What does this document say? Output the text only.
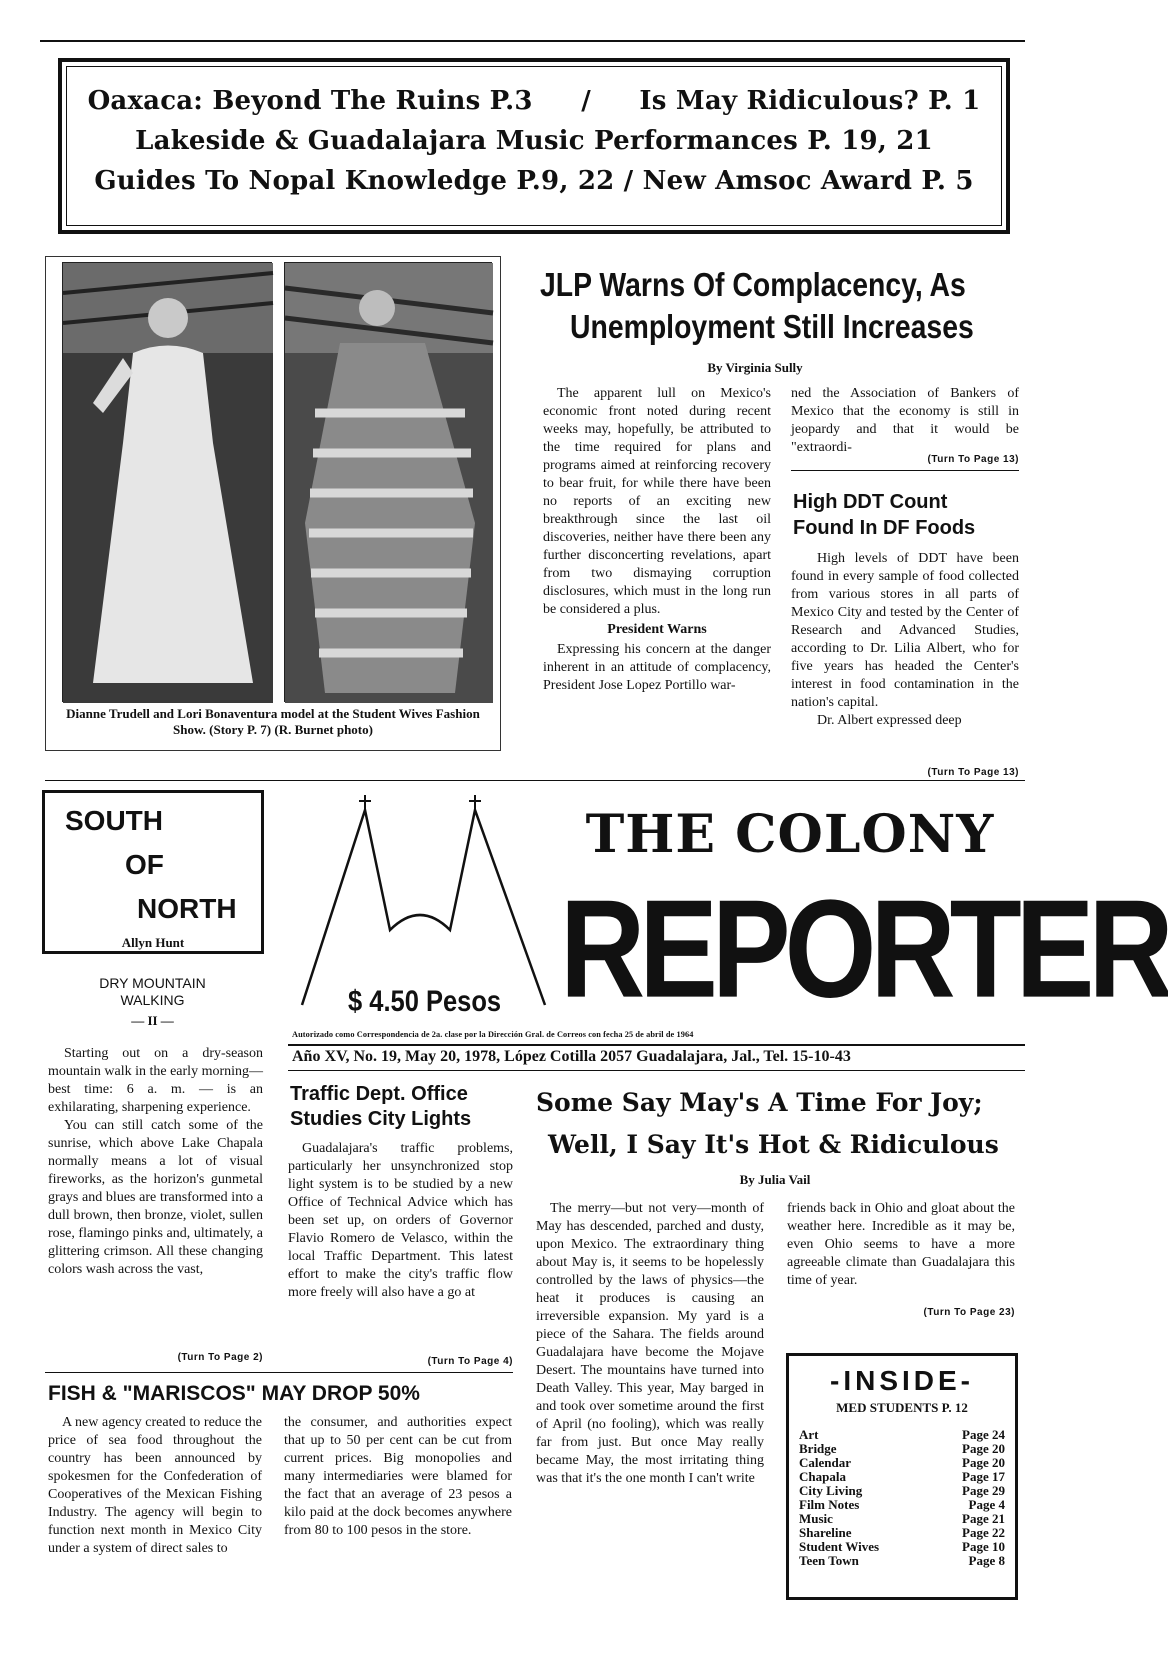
Oaxaca: Beyond The Ruins P.3 / Is May Ridiculous? P. 1
Lakeside & Guadalajara Music Performances P. 19, 21
Guides To Nopal Knowledge P.9, 22 / New Amsoc Award P. 5
Dianne Trudell and Lori Bonaventura model at the Student Wives Fashion Show. (Story P. 7) (R. Burnet photo)
JLP Warns Of Complacency, As
Unemployment Still Increases
By Virginia Sully

The apparent lull on Mexico's economic front noted during recent weeks may, hopefully, be attributed to the time required for plans and programs aimed at reinforcing recovery to bear fruit, for while there have been no reports of an exciting new breakthrough since the last oil discoveries, neither have there been any further disconcerting revelations, apart from two dismaying corruption disclosures, which must in the long run be considered a plus.

President Warns

Expressing his concern at the danger inherent in an attitude of complacency, President Jose Lopez Portillo war-

ned the Association of Bankers of Mexico that the economy is still in jeopardy and that it would be "extraordi-
(Turn To Page 13)
High DDT Count
Found In DF Foods

High levels of DDT have been found in every sample of food collected from various stores in all parts of Mexico City and tested by the Center of Research and Advanced Studies, according to Dr. Lilia Albert, who for five years has headed the Center's interest in food contamination in the nation's capital.

Dr. Albert expressed deep

(Turn To Page 13)
SOUTH
OF
NORTH
Allyn Hunt
DRY MOUNTAIN
WALKING
— II —

Starting out on a dry-season mountain walk in the early morning—best time: 6 a. m. — is an exhilarating, sharpening experience.

You can still catch some of the sunrise, which above Lake Chapala normally means a lot of visual fireworks, as the horizon's gunmetal grays and blues are transformed into a dull brown, then bronze, violet, sullen rose, flamingo pinks and, ultimately, a glittering crimson. All these changing colors wash across the vast,

(Turn To Page 2)
$ 4.50 Pesos
THE COLONY
REPORTER
Autorizado como Correspondencia de 2a. clase por la Dirección Gral. de Correos con fecha 25 de abril de 1964
Año XV, No. 19, May 20, 1978, López Cotilla 2057 Guadalajara, Jal., Tel. 15-10-43
Traffic Dept. Office
Studies City Lights
Guadalajara's traffic problems, particularly her unsynchronized stop light system is to be studied by a new Office of Technical Advice which has been set up, on orders of Governor Flavio Romero de Velasco, within the local Traffic Department. This latest effort to make the city's traffic flow more freely will also have a go at
(Turn To Page 4)
Some Say May's A Time For Joy;
Well, I Say It's Hot & Ridiculous
By Julia Vail
The merry—but not very—month of May has descended, parched and dusty, upon Mexico. The extraordinary thing about May is, it seems to be hopelessly controlled by the laws of physics—the heat it produces is causing an irreversible expansion. My yard is a piece of the Sahara. The fields around Guadalajara have become the Mojave Desert. The mountains have turned into Death Valley. This year, May barged in and took over sometime around the first of April (no fooling), which was really far from just. But once May really became May, the most irritating thing was that it's the one month I can't write
friends back in Ohio and gloat about the weather here. Incredible as it may be, even Ohio seems to have a more agreeable climate than Guadalajara this time of year.
(Turn To Page 23)
FISH & "MARISCOS" MAY DROP 50%
A new agency created to reduce the price of sea food throughout the country has been announced by spokesmen for the Confederation of Cooperatives of the Mexican Fishing Industry. The agency will begin to function next month in Mexico City under a system of direct sales to
the consumer, and authorities expect that up to 50 per cent can be cut from current prices. Big monopolies and many intermediaries were blamed for the fact that an average of 23 pesos a kilo paid at the dock becomes anywhere from 80 to 100 pesos in the store.
-INSIDE-
MED STUDENTS P. 12
Art	Page 24
Bridge	Page 20
Calendar	Page 20
Chapala	Page 17
City Living	Page 29
Film Notes	Page 4
Music	Page 21
Shareline	Page 22
Student Wives	Page 10
Teen Town	Page 8
